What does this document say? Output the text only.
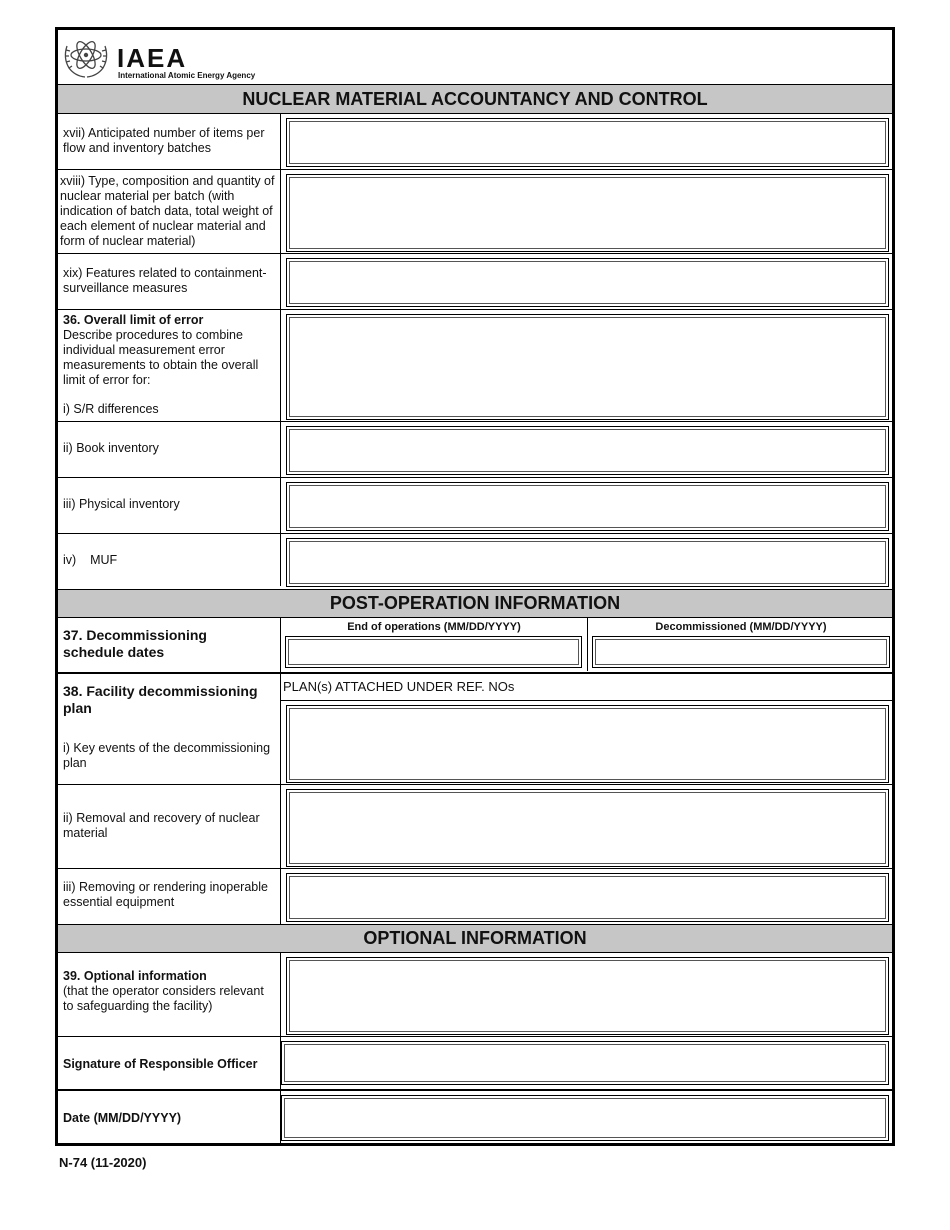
IAEA
International Atomic Energy Agency
NUCLEAR MATERIAL ACCOUNTANCY AND CONTROL
xvii) Anticipated number of items per flow and inventory batches
xviii) Type, composition and quantity of nuclear material per batch (with indication of batch data, total weight of each element of nuclear material and form of nuclear material)
xix) Features related to containment-surveillance measures
36. Overall limit of error
Describe procedures to combine individual measurement error measurements to obtain the overall limit of error for:
i) S/R differences
ii) Book inventory
iii) Physical inventory
iv)    MUF
POST-OPERATION INFORMATION
37. Decommissioning schedule dates
End of operations (MM/DD/YYYY)	Decommissioned (MM/DD/YYYY)
38. Facility decommissioning plan
PLAN(s) ATTACHED UNDER REF. NOs
i) Key events of the decommissioning plan
ii) Removal and recovery of nuclear material
iii) Removing or rendering inoperable essential equipment
OPTIONAL INFORMATION
39. Optional information
(that the operator considers relevant to safeguarding the facility)
Signature of Responsible Officer
Date (MM/DD/YYYY)
N-74 (11-2020)
